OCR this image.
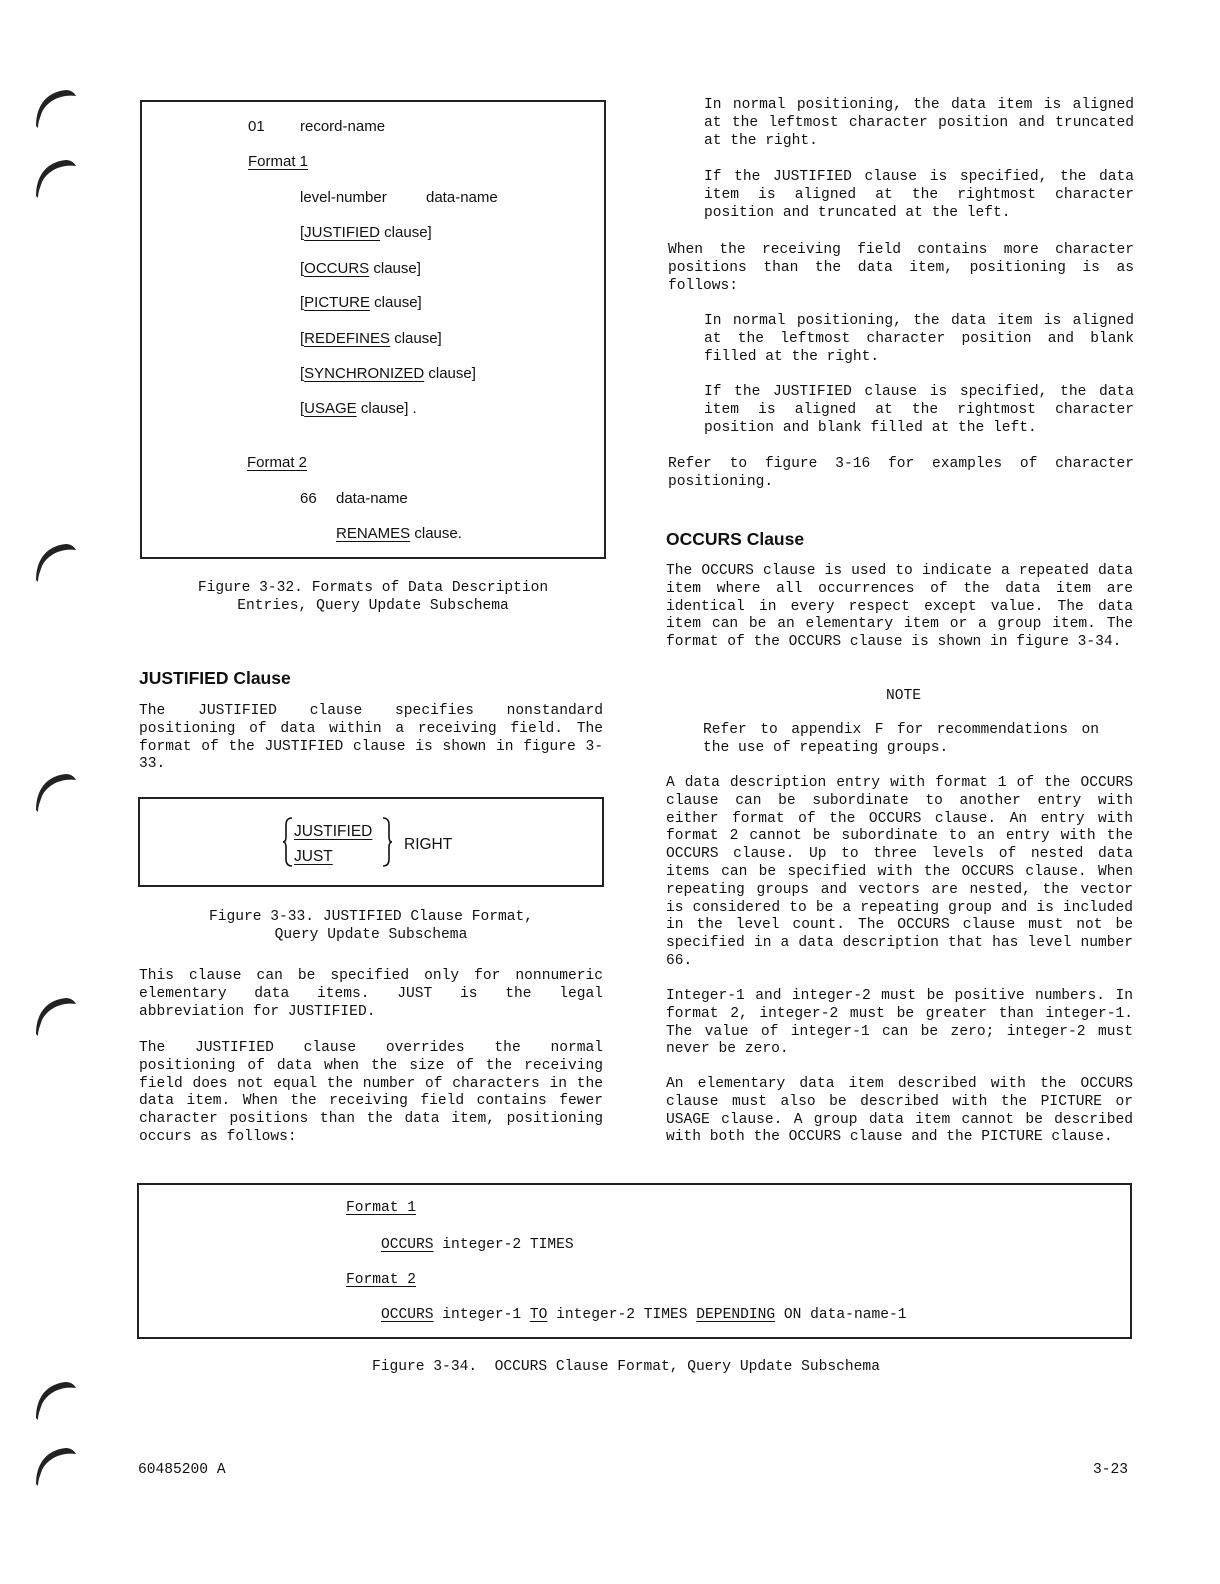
01 record-name
Format 1
level-number	data-name
[JUSTIFIED clause]
[OCCURS clause]
[PICTURE clause]
[REDEFINES clause]
[SYNCHRONIZED clause]
[USAGE clause] .
Format 2
66 data-name
RENAMES clause.
Figure 3-32. Formats of Data Description
Entries, Query Update Subschema
JUSTIFIED Clause

The JUSTIFIED clause specifies nonstandard positioning of data within a receiving field. The format of the JUSTIFIED clause is shown in figure 3-33.

JUSTIFIED
JUST
RIGHT
Figure 3-33. JUSTIFIED Clause Format,
Query Update Subschema

This clause can be specified only for nonnumeric elementary data items. JUST is the legal abbreviation for JUSTIFIED.

The JUSTIFIED clause overrides the normal positioning of data when the size of the receiving field does not equal the number of characters in the data item. When the receiving field contains fewer character positions than the data item, positioning occurs as follows:

In normal positioning, the data item is aligned at the leftmost character position and truncated at the right.

If the JUSTIFIED clause is specified, the data item is aligned at the rightmost character position and truncated at the left.

When the receiving field contains more character positions than the data item, positioning is as follows:

In normal positioning, the data item is aligned at the leftmost character position and blank filled at the right.

If the JUSTIFIED clause is specified, the data item is aligned at the rightmost character position and blank filled at the left.

Refer to figure 3-16 for examples of character positioning.

OCCURS Clause

The OCCURS clause is used to indicate a repeated data item where all occurrences of the data item are identical in every respect except value. The data item can be an elementary item or a group item. The format of the OCCURS clause is shown in figure 3-34.

NOTE

Refer to appendix F for recommendations on the use of repeating groups.

A data description entry with format 1 of the OCCURS clause can be subordinate to another entry with either format of the OCCURS clause. An entry with format 2 cannot be subordinate to an entry with the OCCURS clause. Up to three levels of nested data items can be specified with the OCCURS clause. When repeating groups and vectors are nested, the vector is considered to be a repeating group and is included in the level count. The OCCURS clause must not be specified in a data description that has level number 66.

Integer-1 and integer-2 must be positive numbers. In format 2, integer-2 must be greater than integer-1. The value of integer-1 can be zero; integer-2 must never be zero.

An elementary data item described with the OCCURS clause must also be described with the PICTURE or USAGE clause. A group data item cannot be described with both the OCCURS clause and the PICTURE clause.

Format 1
OCCURS integer-2 TIMES
Format 2
OCCURS integer-1 TO integer-2 TIMES DEPENDING ON data-name-1
Figure 3-34.  OCCURS Clause Format, Query Update Subschema
60485200 A	3-23
